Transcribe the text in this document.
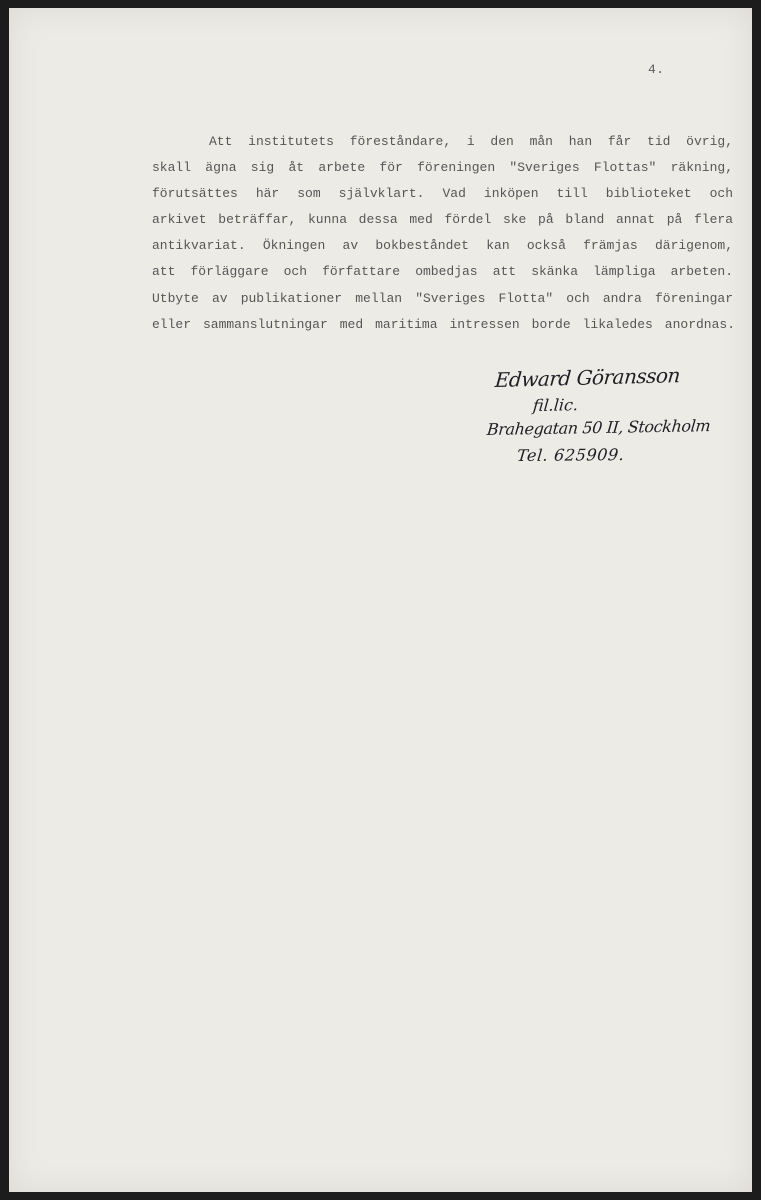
4.
Att institutets föreståndare, i den mån han får tid övrig,
skall ägna sig åt arbete för föreningen "Sveriges Flottas" räkning,
förutsättes här som självklart. Vad inköpen till biblioteket och
arkivet beträffar, kunna dessa med fördel ske på bland annat på flera
antikvariat. Ökningen av bokbeståndet kan också främjas därigenom,
att förläggare och författare ombedjas att skänka lämpliga arbeten.
Utbyte av publikationer mellan "Sveriges Flotta" och andra föreningar
eller sammanslutningar med maritima intressen borde likaledes anordnas.
Edward Göransson
fil.lic.
Brahegatan 50 II, Stockholm
Tel. 625909.
